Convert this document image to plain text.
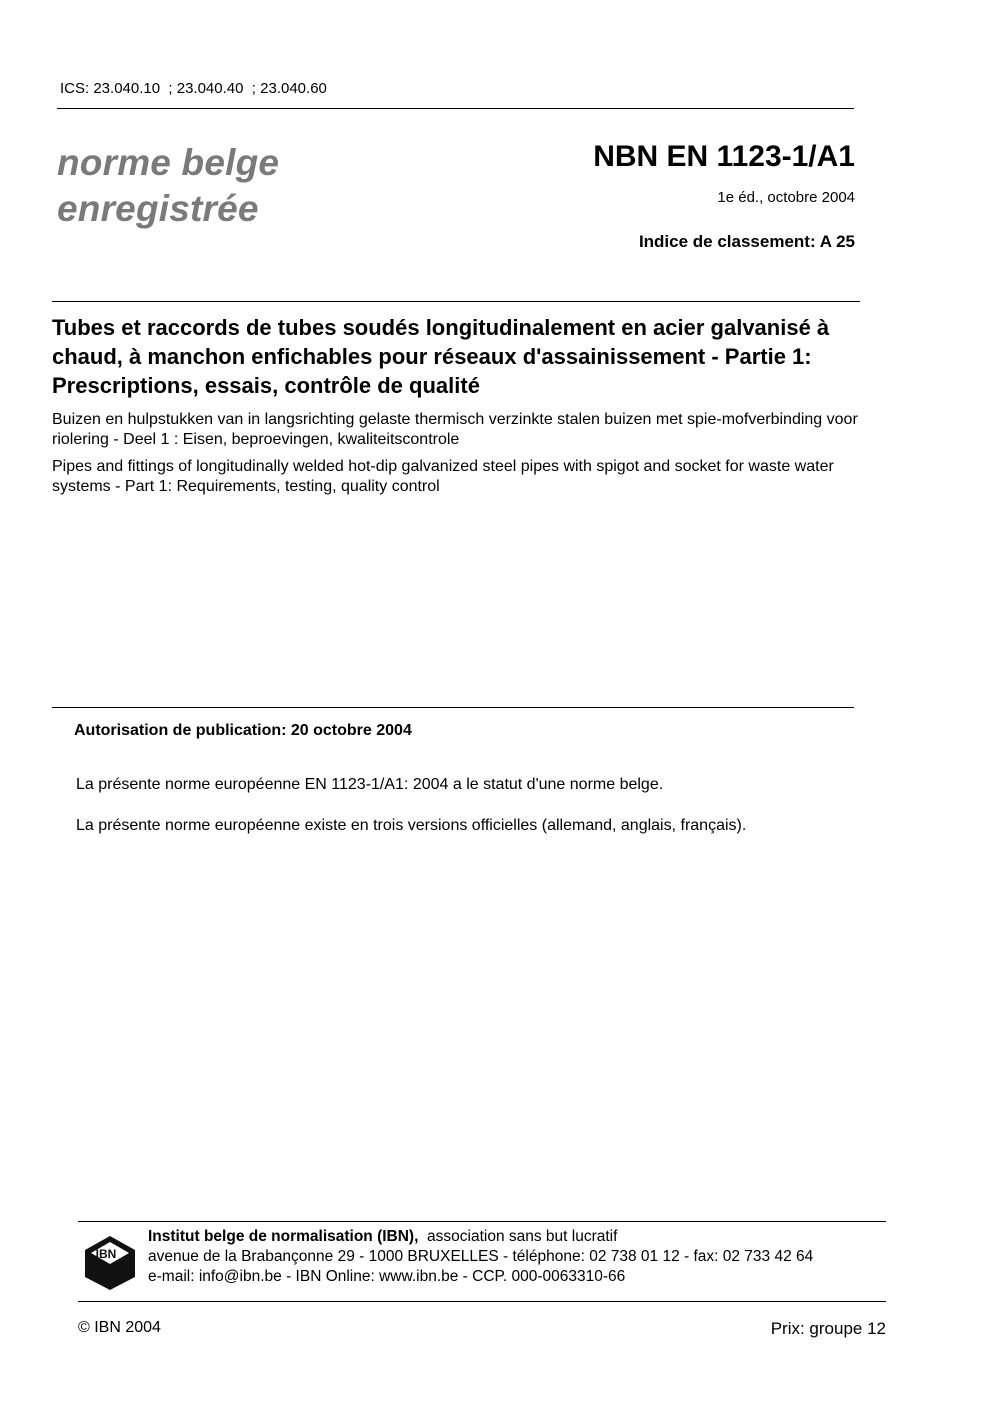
ICS: 23.040.10  ; 23.040.40  ; 23.040.60
norme belge
enregistrée
NBN EN 1123-1/A1
1e éd., octobre 2004
Indice de classement: A 25
Tubes et raccords de tubes soudés longitudinalement en acier galvanisé à chaud, à manchon enfichables pour réseaux d'assainissement - Partie 1: Prescriptions, essais, contrôle de qualité
Buizen en hulpstukken van in langsrichting gelaste thermisch verzinkte stalen buizen met spie-mofverbinding voor riolering - Deel 1 : Eisen, beproevingen, kwaliteitscontrole
Pipes and fittings of longitudinally welded hot-dip galvanized steel pipes with spigot and socket for waste water systems - Part 1: Requirements, testing, quality control
Autorisation de publication: 20 octobre 2004
La présente norme européenne EN 1123-1/A1: 2004 a le statut d'une norme belge.
La présente norme européenne existe en trois versions officielles (allemand, anglais, français).
IBN
Institut belge de normalisation (IBN), association sans but lucratif
avenue de la Brabançonne 29 - 1000 BRUXELLES - téléphone: 02 738 01 12 - fax: 02 733 42 64
e-mail: info@ibn.be - IBN Online: www.ibn.be - CCP. 000-0063310-66
© IBN 2004	Prix: groupe 12
